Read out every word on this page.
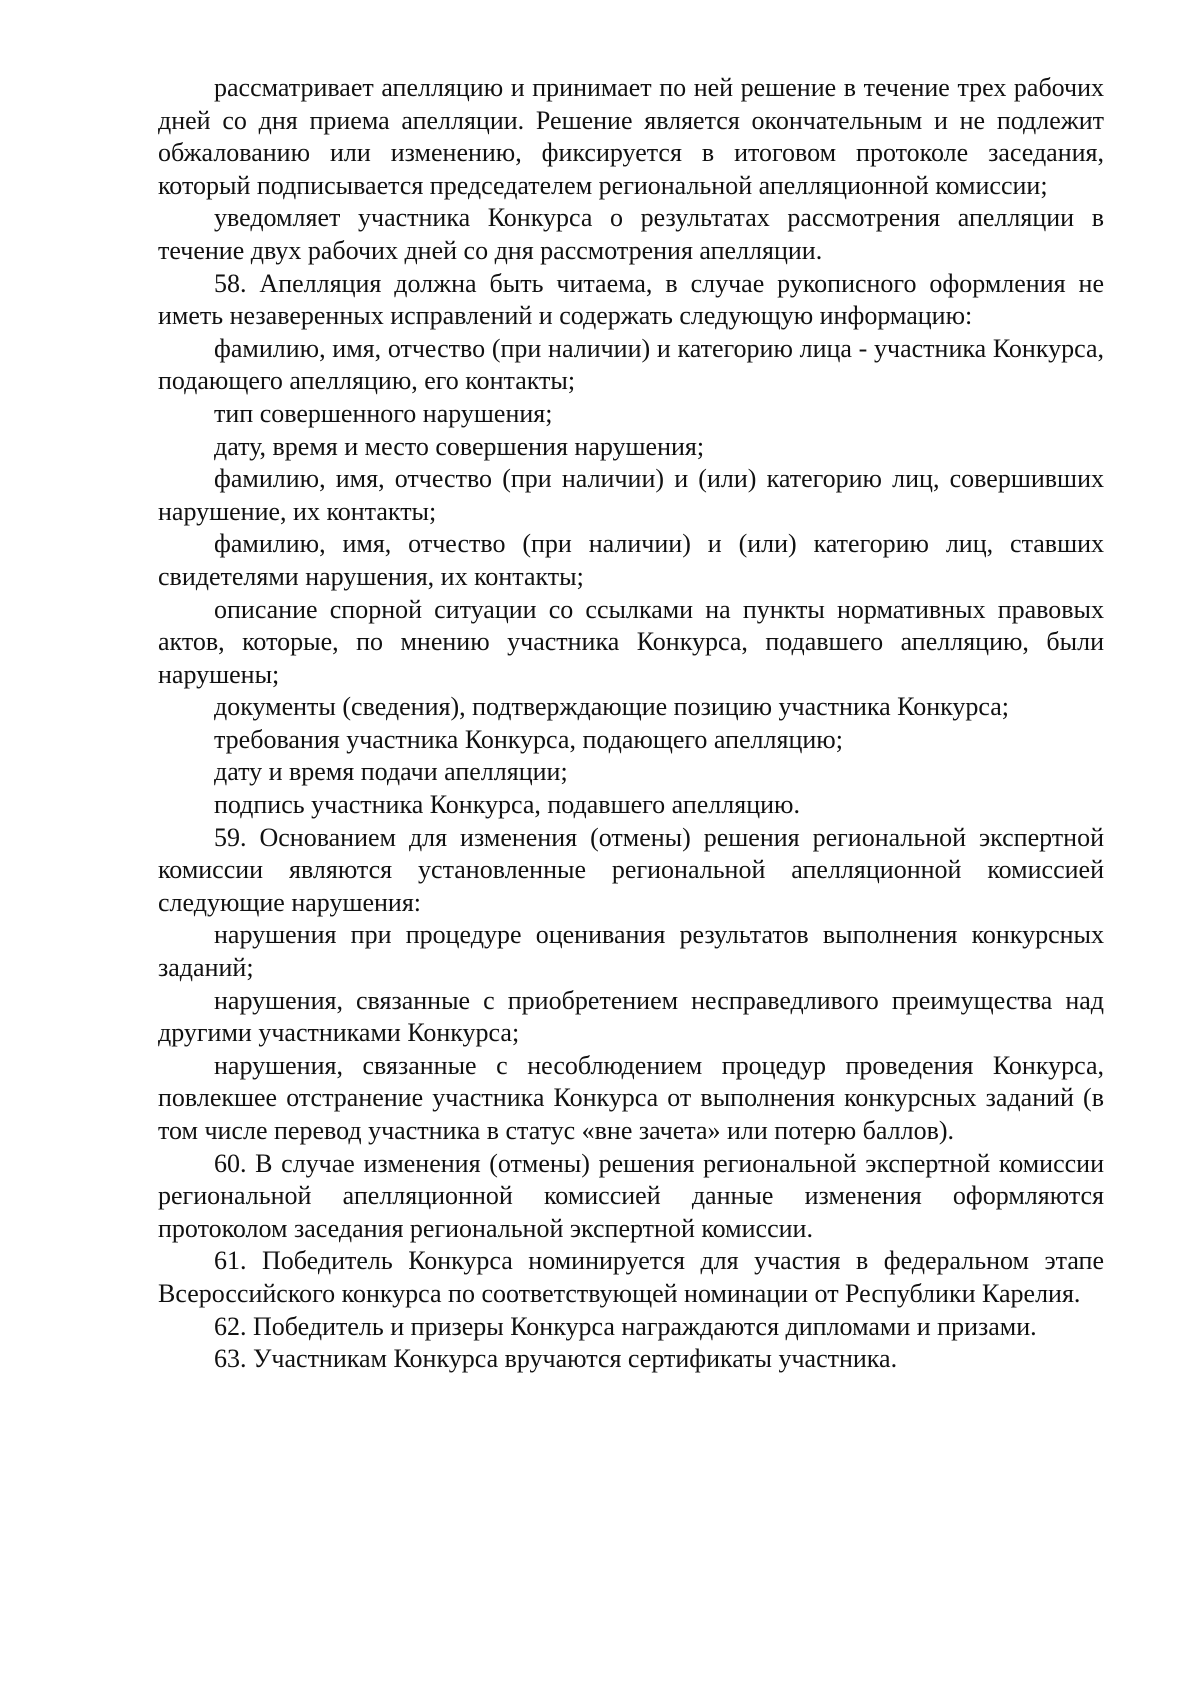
рассматривает апелляцию и принимает по ней решение в течение трех рабочих дней со дня приема апелляции. Решение является окончательным и не подлежит обжалованию или изменению, фиксируется в итоговом протоколе заседания, который подписывается председателем региональной апелляционной комиссии;

уведомляет участника Конкурса о результатах рассмотрения апелляции в течение двух рабочих дней со дня рассмотрения апелляции.

58. Апелляция должна быть читаема, в случае рукописного оформления не иметь незаверенных исправлений и содержать следующую информацию:

фамилию, имя, отчество (при наличии) и категорию лица - участника Конкурса, подающего апелляцию, его контакты;

тип совершенного нарушения;

дату, время и место совершения нарушения;

фамилию, имя, отчество (при наличии) и (или) категорию лиц, совершивших нарушение, их контакты;

фамилию, имя, отчество (при наличии) и (или) категорию лиц, ставших свидетелями нарушения, их контакты;

описание спорной ситуации со ссылками на пункты нормативных правовых актов, которые, по мнению участника Конкурса, подавшего апелляцию, были нарушены;

документы (сведения), подтверждающие позицию участника Конкурса;

требования участника Конкурса, подающего апелляцию;

дату и время подачи апелляции;

подпись участника Конкурса, подавшего апелляцию.

59. Основанием для изменения (отмены) решения региональной экспертной комиссии являются установленные региональной апелляционной комиссией следующие нарушения:

нарушения при процедуре оценивания результатов выполнения конкурсных заданий;

нарушения, связанные с приобретением несправедливого преимущества над другими участниками Конкурса;

нарушения, связанные с несоблюдением процедур проведения Конкурса, повлекшее отстранение участника Конкурса от выполнения конкурсных заданий (в том числе перевод участника в статус «вне зачета» или потерю баллов).

60. В случае изменения (отмены) решения региональной экспертной комиссии региональной апелляционной комиссией данные изменения оформляются протоколом заседания региональной экспертной комиссии.

61. Победитель Конкурса номинируется для участия в федеральном этапе Всероссийского конкурса по соответствующей номинации от Республики Карелия.

62. Победитель и призеры Конкурса награждаются дипломами и призами.

63. Участникам Конкурса вручаются сертификаты участника.
